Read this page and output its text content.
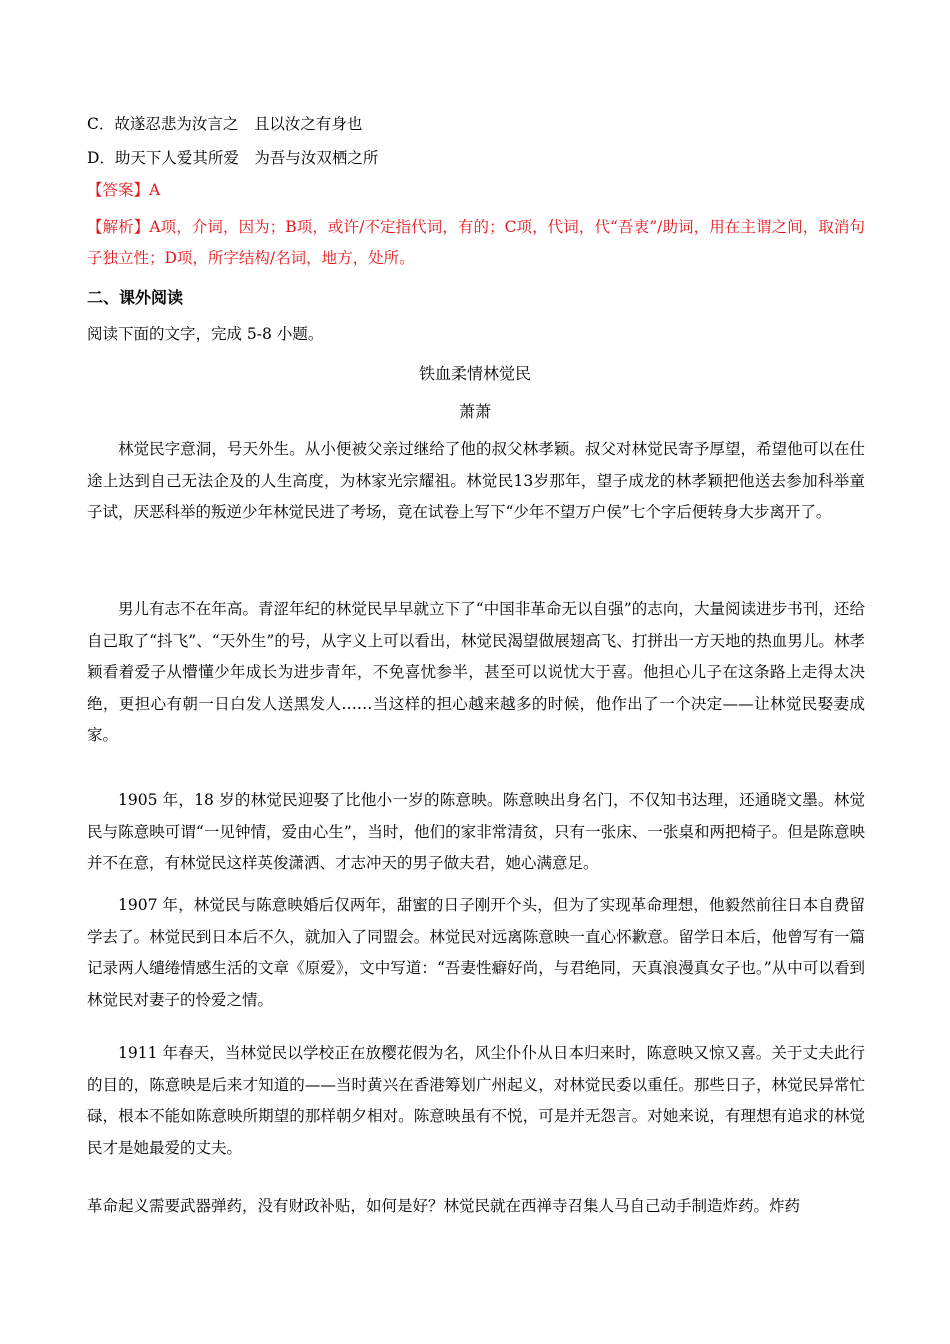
C．故遂忍悲为汝言之　且以汝之有身也
D．助天下人爱其所爱　为吾与汝双栖之所
【答案】A
【解析】A项，介词，因为；B项，或许/不定指代词，有的；C项，代词，代“吾衷”/助词，用在主谓之间，取消句子独立性；D项，所字结构/名词，地方，处所。
二、课外阅读
阅读下面的文字，完成 5-8 小题。
铁血柔情林觉民
萧萧

林觉民字意洞，号天外生。从小便被父亲过继给了他的叔父林孝颖。叔父对林觉民寄予厚望，希望他可以在仕途上达到自己无法企及的人生高度，为林家光宗耀祖。林觉民13岁那年，望子成龙的林孝颖把他送去参加科举童子试，厌恶科举的叛逆少年林觉民进了考场，竟在试卷上写下“少年不望万户侯”七个字后便转身大步离开了。

男儿有志不在年高。青涩年纪的林觉民早早就立下了“中国非革命无以自强”的志向，大量阅读进步书刊，还给自己取了“抖飞”、“天外生”的号，从字义上可以看出，林觉民渴望做展翅高飞、打拼出一方天地的热血男儿。林孝颖看着爱子从懵懂少年成长为进步青年，不免喜忧参半，甚至可以说忧大于喜。他担心儿子在这条路上走得太决绝，更担心有朝一日白发人送黑发人……当这样的担心越来越多的时候，他作出了一个决定——让林觉民娶妻成家。

1905 年，18 岁的林觉民迎娶了比他小一岁的陈意映。陈意映出身名门，不仅知书达理，还通晓文墨。林觉民与陈意映可谓“一见钟情，爱由心生”，当时，他们的家非常清贫，只有一张床、一张桌和两把椅子。但是陈意映并不在意，有林觉民这样英俊潇洒、才志冲天的男子做夫君，她心满意足。

1907 年，林觉民与陈意映婚后仅两年，甜蜜的日子刚开个头，但为了实现革命理想，他毅然前往日本自费留学去了。林觉民到日本后不久，就加入了同盟会。林觉民对远离陈意映一直心怀歉意。留学日本后，他曾写有一篇记录两人缱绻情感生活的文章《原爱》，文中写道：“吾妻性癖好尚，与君绝同，天真浪漫真女子也。”从中可以看到林觉民对妻子的怜爱之情。

1911 年春天，当林觉民以学校正在放樱花假为名，风尘仆仆从日本归来时，陈意映又惊又喜。关于丈夫此行的目的，陈意映是后来才知道的——当时黄兴在香港筹划广州起义，对林觉民委以重任。那些日子，林觉民异常忙碌，根本不能如陈意映所期望的那样朝夕相对。陈意映虽有不悦，可是并无怨言。对她来说，有理想有追求的林觉民才是她最爱的丈夫。

革命起义需要武器弹药，没有财政补贴，如何是好？林觉民就在西禅寺召集人马自己动手制造炸药。炸药
